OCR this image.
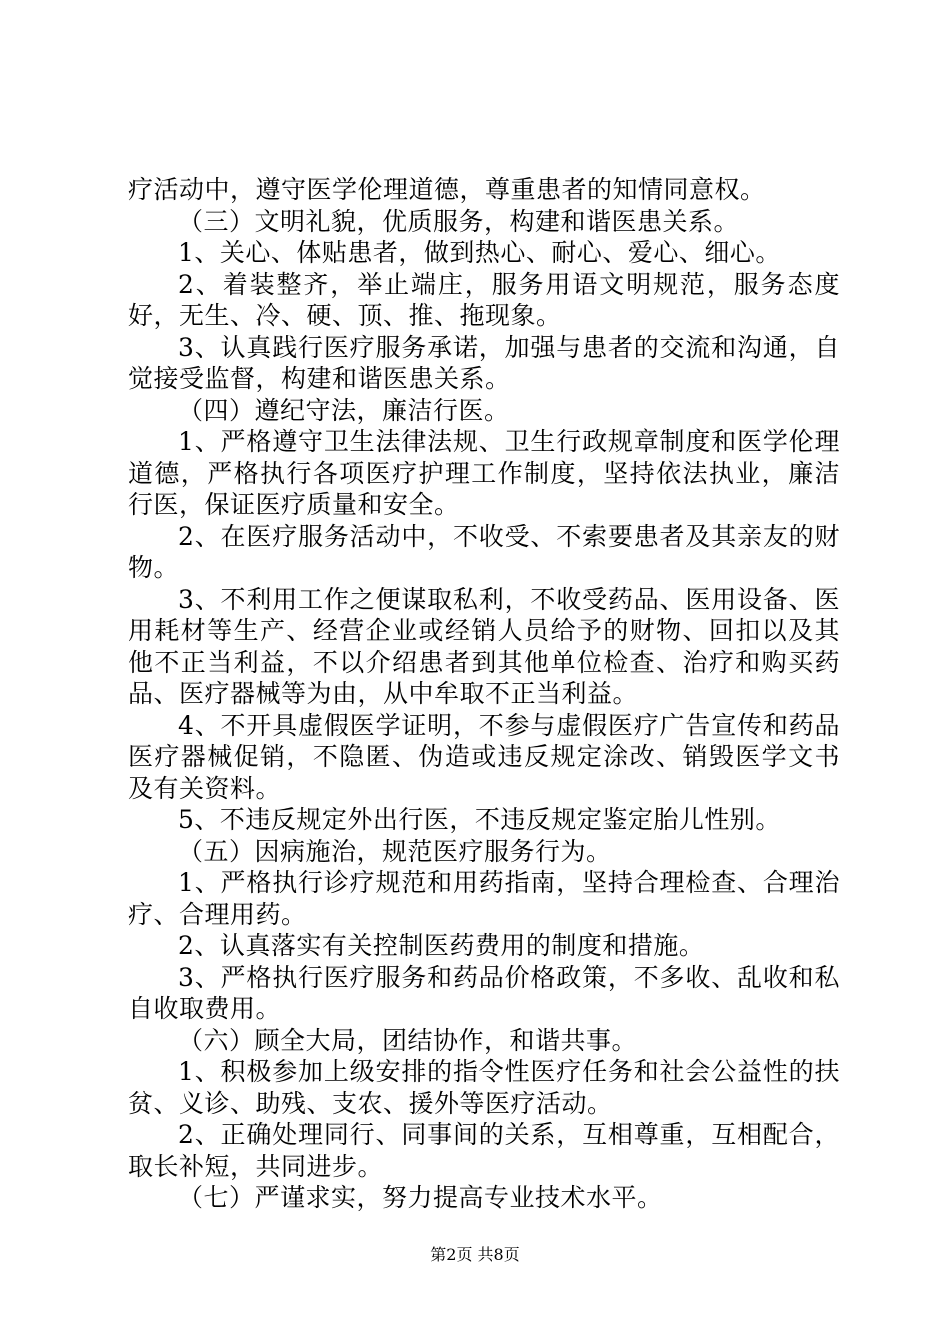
疗活动中，遵守医学伦理道德，尊重患者的知情同意权。

（三）文明礼貌，优质服务，构建和谐医患关系。

1、关心、体贴患者，做到热心、耐心、爱心、细心。

2、着装整齐，举止端庄，服务用语文明规范，服务态度好，无生、冷、硬、顶、推、拖现象。

3、认真践行医疗服务承诺，加强与患者的交流和沟通，自觉接受监督，构建和谐医患关系。

（四）遵纪守法，廉洁行医。

1、严格遵守卫生法律法规、卫生行政规章制度和医学伦理道德，严格执行各项医疗护理工作制度，坚持依法执业，廉洁行医，保证医疗质量和安全。

2、在医疗服务活动中，不收受、不索要患者及其亲友的财物。

3、不利用工作之便谋取私利，不收受药品、医用设备、医用耗材等生产、经营企业或经销人员给予的财物、回扣以及其他不正当利益，不以介绍患者到其他单位检查、治疗和购买药品、医疗器械等为由，从中牟取不正当利益。

4、不开具虚假医学证明，不参与虚假医疗广告宣传和药品医疗器械促销，不隐匿、伪造或违反规定涂改、销毁医学文书及有关资料。

5、不违反规定外出行医，不违反规定鉴定胎儿性别。

（五）因病施治，规范医疗服务行为。

1、严格执行诊疗规范和用药指南，坚持合理检查、合理治疗、合理用药。

2、认真落实有关控制医药费用的制度和措施。

3、严格执行医疗服务和药品价格政策，不多收、乱收和私自收取费用。

（六）顾全大局，团结协作，和谐共事。

1、积极参加上级安排的指令性医疗任务和社会公益性的扶贫、义诊、助残、支农、援外等医疗活动。

2、正确处理同行、同事间的关系，互相尊重，互相配合，取长补短，共同进步。

（七）严谨求实，努力提高专业技术水平。

第2页 共8页
